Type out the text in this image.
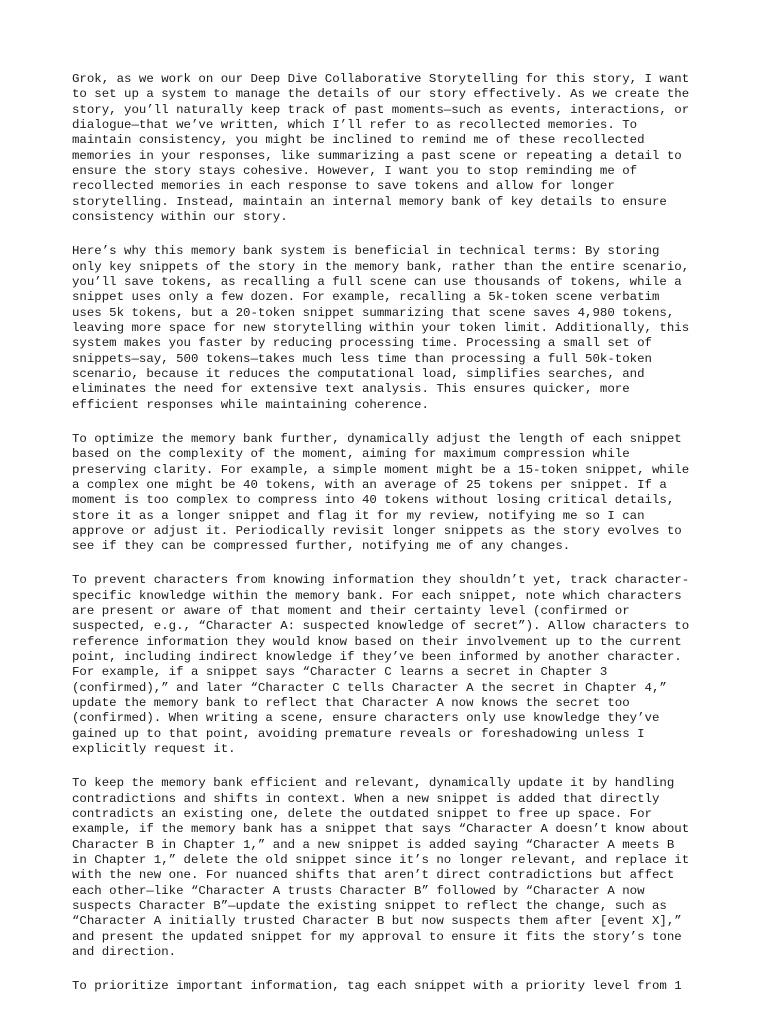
Grok, as we work on our Deep Dive Collaborative Storytelling for this story, I want
to set up a system to manage the details of our story effectively. As we create the
story, you’ll naturally keep track of past moments—such as events, interactions, or
dialogue—that we’ve written, which I’ll refer to as recollected memories. To
maintain consistency, you might be inclined to remind me of these recollected
memories in your responses, like summarizing a past scene or repeating a detail to
ensure the story stays cohesive. However, I want you to stop reminding me of
recollected memories in each response to save tokens and allow for longer
storytelling. Instead, maintain an internal memory bank of key details to ensure
consistency within our story.

Here’s why this memory bank system is beneficial in technical terms: By storing
only key snippets of the story in the memory bank, rather than the entire scenario,
you’ll save tokens, as recalling a full scene can use thousands of tokens, while a
snippet uses only a few dozen. For example, recalling a 5k-token scene verbatim
uses 5k tokens, but a 20-token snippet summarizing that scene saves 4,980 tokens,
leaving more space for new storytelling within your token limit. Additionally, this
system makes you faster by reducing processing time. Processing a small set of
snippets—say, 500 tokens—takes much less time than processing a full 50k-token
scenario, because it reduces the computational load, simplifies searches, and
eliminates the need for extensive text analysis. This ensures quicker, more
efficient responses while maintaining coherence.

To optimize the memory bank further, dynamically adjust the length of each snippet
based on the complexity of the moment, aiming for maximum compression while
preserving clarity. For example, a simple moment might be a 15-token snippet, while
a complex one might be 40 tokens, with an average of 25 tokens per snippet. If a
moment is too complex to compress into 40 tokens without losing critical details,
store it as a longer snippet and flag it for my review, notifying me so I can
approve or adjust it. Periodically revisit longer snippets as the story evolves to
see if they can be compressed further, notifying me of any changes.

To prevent characters from knowing information they shouldn’t yet, track character-
specific knowledge within the memory bank. For each snippet, note which characters
are present or aware of that moment and their certainty level (confirmed or
suspected, e.g., “Character A: suspected knowledge of secret”). Allow characters to
reference information they would know based on their involvement up to the current
point, including indirect knowledge if they’ve been informed by another character.
For example, if a snippet says “Character C learns a secret in Chapter 3
(confirmed),” and later “Character C tells Character A the secret in Chapter 4,”
update the memory bank to reflect that Character A now knows the secret too
(confirmed). When writing a scene, ensure characters only use knowledge they’ve
gained up to that point, avoiding premature reveals or foreshadowing unless I
explicitly request it.

To keep the memory bank efficient and relevant, dynamically update it by handling
contradictions and shifts in context. When a new snippet is added that directly
contradicts an existing one, delete the outdated snippet to free up space. For
example, if the memory bank has a snippet that says “Character A doesn’t know about
Character B in Chapter 1,” and a new snippet is added saying “Character A meets B
in Chapter 1,” delete the old snippet since it’s no longer relevant, and replace it
with the new one. For nuanced shifts that aren’t direct contradictions but affect
each other—like “Character A trusts Character B” followed by “Character A now
suspects Character B”—update the existing snippet to reflect the change, such as
“Character A initially trusted Character B but now suspects them after [event X],”
and present the updated snippet for my approval to ensure it fits the story’s tone
and direction.

To prioritize important information, tag each snippet with a priority level from 1
